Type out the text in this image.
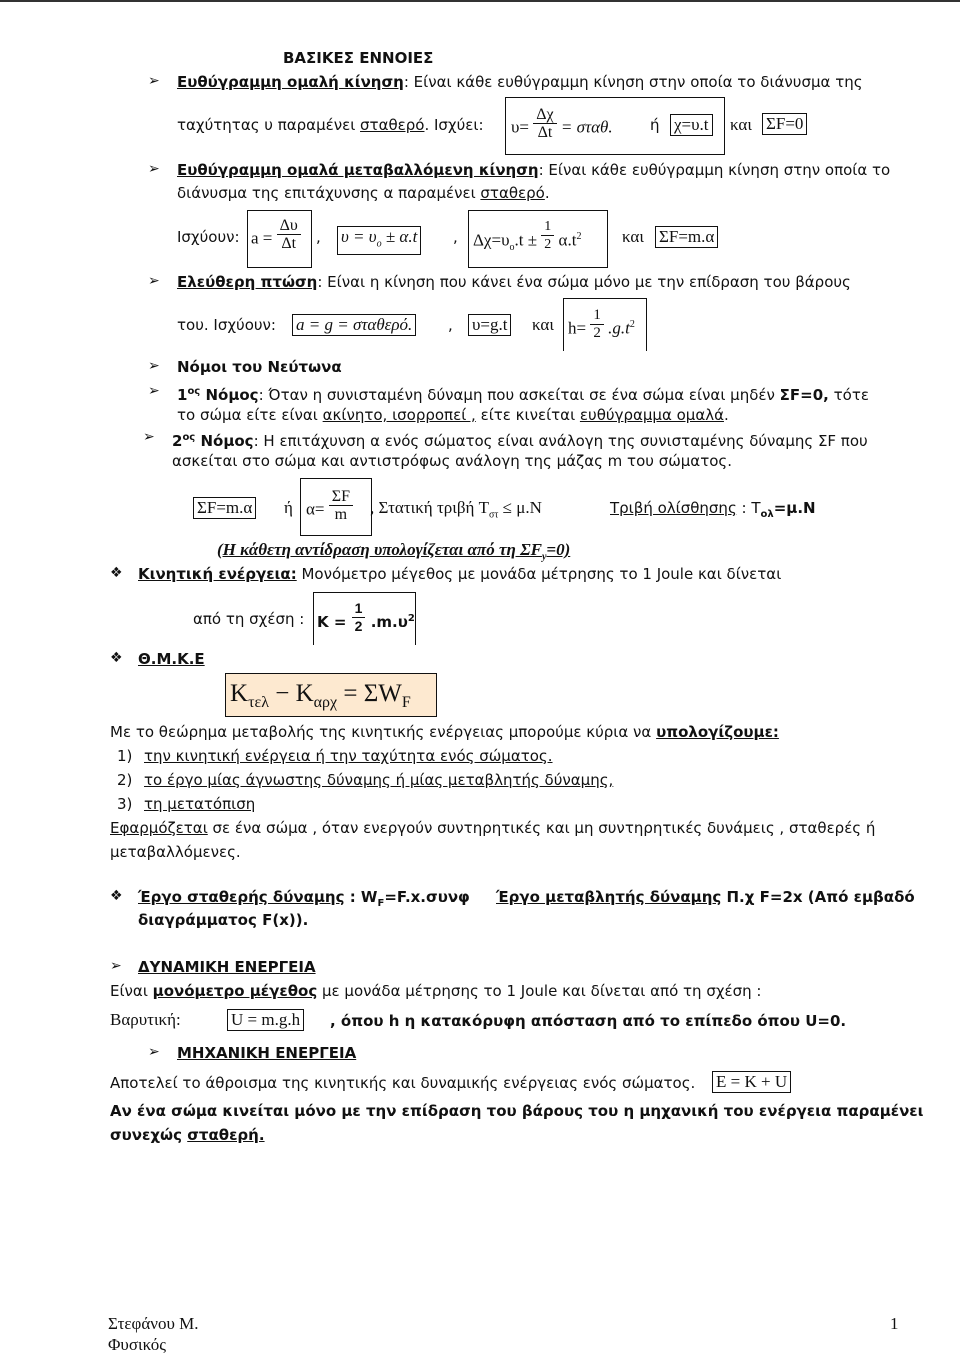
ΒΑΣΙΚΕΣ ΕΝΝΟΙΕΣ
➢ Ευθύγραμμη ομαλή κίνηση: Είναι κάθε ευθύγραμμη κίνηση στην οποία το διάνυσμα της
ταχύτητας υ παραμένει σταθερό. Ισχύει: $\upsilon= \frac{\Delta\chi}{\Delta t} = \sigma\tau\alpha\theta$. ή χ=υ.t και ΣF=0
➢ Ευθύγραμμη ομαλά μεταβαλλόμενη κίνηση: Είναι κάθε ευθύγραμμη κίνηση στην οποία το
διάνυσμα της επιτάχυνσης α παραμένει σταθερό.
Ισχύουν: $a = \frac{\Delta\upsilon}{\Delta t}$ , $\upsilon = \upsilon_o \pm \alpha.t$ , $\Delta\chi=\upsilon_o.t \pm \frac{1}{2} \alpha.t^2$ και ΣF=m.α
➢ Ελεύθερη πτώση: Είναι η κίνηση που κάνει ένα σώμα μόνο με την επίδραση του βάρους
του. Ισχύουν: a = g = σταθερό. , υ=g.t και $h= \frac{1}{2} .g.t^2$
➢ Νόμοι του Νεύτωνα
➢ $1^{o\varsigma}$ Νόμος: Όταν η συνισταμένη δύναμη που ασκείται σε ένα σώμα είναι μηδέν ΣF=0, τότε
το σώμα είτε είναι ακίνητο, ισορροπεί , είτε κινείται ευθύγραμμα ομαλά.
➢ $2^{o\varsigma}$ Νόμος: Η επιτάχυνση α ενός σώματος είναι ανάλογη της συνισταμένης δύναμης ΣF που
ασκείται στο σώμα και αντιστρόφως ανάλογη της μάζας m του σώματος.
ΣF=m.α ή $\alpha= \frac{\Sigma F}{m}$ , Στατική τριβή $T_{\sigma\tau} \le \mu.N$	Τριβή ολίσθησης : $T_{o\lambda}=\mu.N$
(Η κάθετη αντίδραση υπολογίζεται από τη $\Sigma F_y=0$)
❖ Κινητική ενέργεια: Μονόμετρο μέγεθος με μονάδα μέτρησης το 1 Joule και δίνεται
από τη σχέση : $K = \frac{1}{2} .m.\upsilon^2$
❖ Θ.Μ.Κ.Ε
$K_{\tau\varepsilon\lambda} - K_{\alpha\rho\chi} = \Sigma W_F$
Με το θεώρημα μεταβολής της κινητικής ενέργειας μπορούμε κύρια να υπολογίζουμε:
1) την κινητική ενέργεια ή την ταχύτητα ενός σώματος.
2) το έργο μίας άγνωστης δύναμης ή μίας μεταβλητής δύναμης,
3) τη μετατόπιση
Εφαρμόζεται σε ένα σώμα , όταν ενεργούν συντηρητικές και μη συντηρητικές δυνάμεις , σταθερές ή
μεταβαλλόμενες.
❖ Έργο σταθερής δύναμης : $W_F=F.x.\sigma\upsilon\nu\varphi$ Έργο μεταβλητής δύναμης Π.χ F=2x (Από εμβαδό
διαγράμματος F(x)).
➢ ΔΥΝΑΜΙΚΗ ΕΝΕΡΓΕΙΑ
Είναι μονόμετρο μέγεθος με μονάδα μέτρησης το 1 Joule και δίνεται από τη σχέση :
Βαρυτική:	U = m.g.h , όπου h η κατακόρυφη απόσταση από το επίπεδο όπου U=0.
➢ ΜΗΧΑΝΙΚΗ ΕΝΕΡΓΕΙΑ
Αποτελεί το άθροισμα της κινητικής και δυναμικής ενέργειας ενός σώματος. E = K + U
Αν ένα σώμα κινείται μόνο με την επίδραση του βάρους του η μηχανική του ενέργεια παραμένει
συνεχώς σταθερή.
Στεφάνου Μ.
Φυσικός
1
